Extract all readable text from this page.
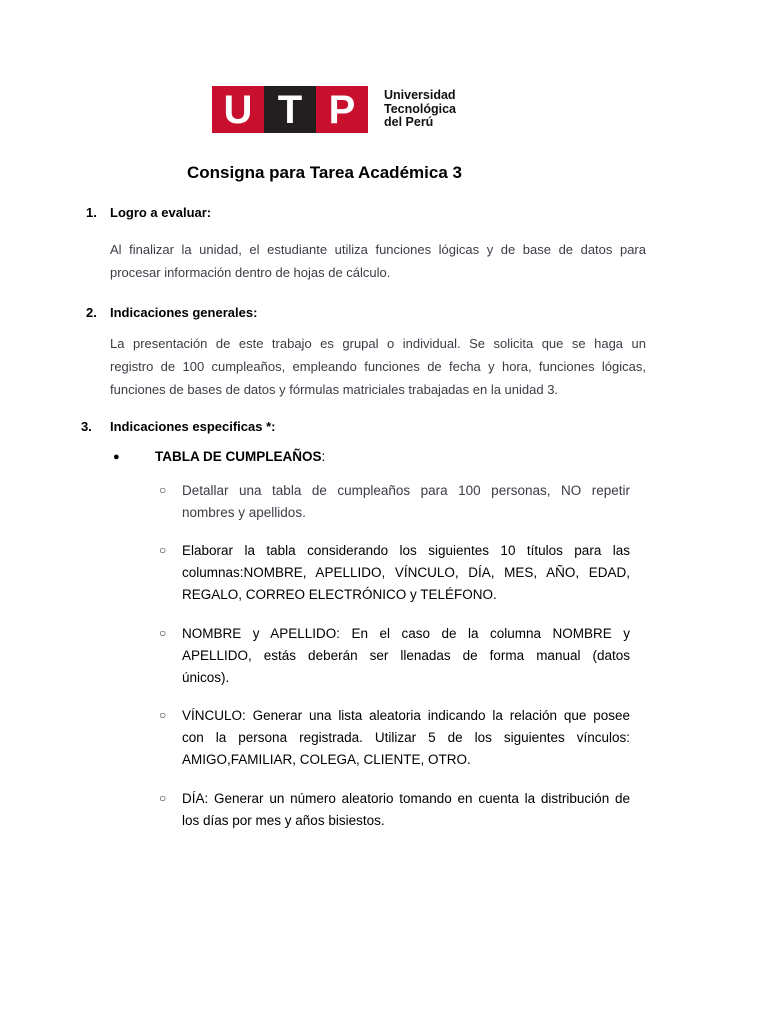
U T P	Universidad
Tecnológica
del Perú
Consigna para Tarea Académica 3
1. Logro a evaluar:
Al finalizar la unidad, el estudiante utiliza funciones lógicas y de base de datos para
procesar información dentro de hojas de cálculo.
2. Indicaciones generales:
La presentación de este trabajo es grupal o individual. Se solicita que se haga un
registro de 100 cumpleaños, empleando funciones de fecha y hora, funciones lógicas,
funciones de bases de datos y fórmulas matriciales trabajadas en la unidad 3.
3. Indicaciones especificas *:
●	TABLA DE CUMPLEAÑOS:
○ Detallar una tabla de cumpleaños para 100 personas, NO repetir
nombres y apellidos.
○ Elaborar la tabla considerando los siguientes 10 títulos para las
columnas:NOMBRE, APELLIDO, VÍNCULO, DÍA, MES, AÑO, EDAD,
REGALO, CORREO ELECTRÓNICO y TELÉFONO.
○ NOMBRE y APELLIDO: En el caso de la columna NOMBRE y
APELLIDO, estás deberán ser llenadas de forma manual (datos
únicos).
○ VÍNCULO: Generar una lista aleatoria indicando la relación que posee
con la persona registrada. Utilizar 5 de los siguientes vínculos:
AMIGO,FAMILIAR, COLEGA, CLIENTE, OTRO.
○ DÍA: Generar un número aleatorio tomando en cuenta la distribución de
los días por mes y años bisiestos.
